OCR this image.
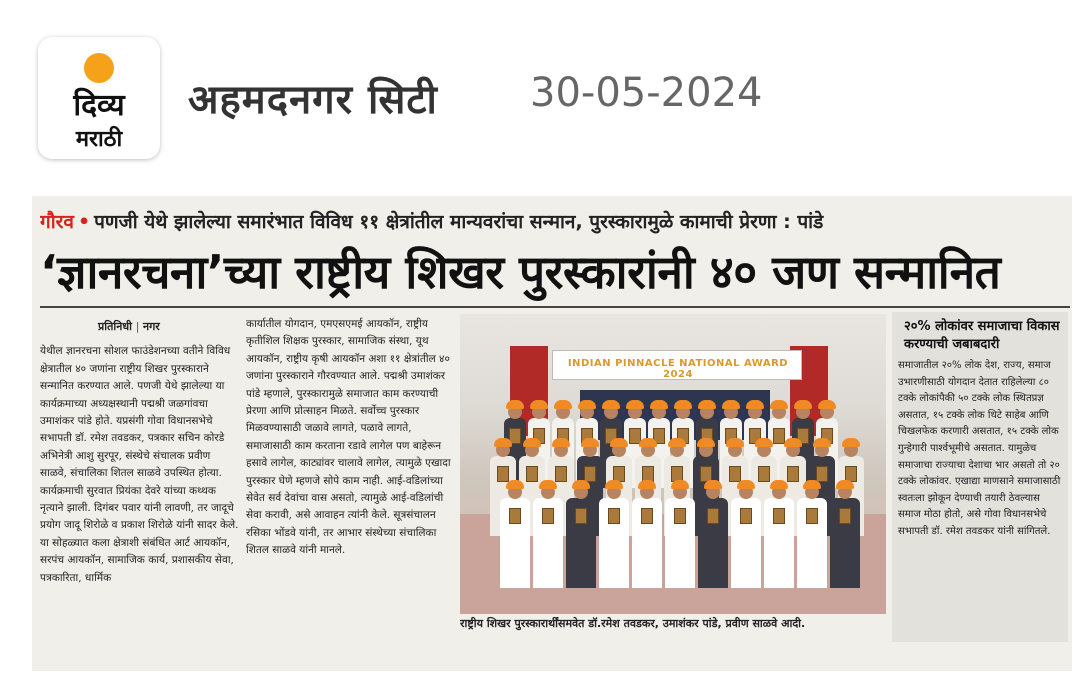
दिव्य
मराठी
अहमदनगर सिटी 30-05-2024
गौरव • पणजी येथे झालेल्या समारंभात विविध ११ क्षेत्रांतील मान्यवरांचा सन्मान, पुरस्कारामुळे कामाची प्रेरणा : पांडे
‘ज्ञानरचना’च्या राष्ट्रीय शिखर पुरस्कारांनी ४० जण सन्मानित
प्रतिनिधी | नगर

येथील ज्ञानरचना सोशल फाउंडेशनच्या वतीने विविध क्षेत्रातील ४० जणांना राष्ट्रीय शिखर पुरस्काराने सन्मानित करण्यात आले. पणजी येथे झालेल्या या कार्यक्रमाच्या अध्यक्षस्थानी पद्मश्री जळगांवचा उमाशंकर पांडे होते. यप्रसंगी गोवा विधानसभेचे सभापती डॉ. रमेश तवडकर, पत्रकार सचिन कोरडे अभिनेत्री आशु सुरपूर, संस्थेचे संचालक प्रवीण साळवे, संचालिका शितल साळवे उपस्थित होत्या. कार्यक्रमाची सुरवात प्रियंका देवरे यांच्या कथ्थक नृत्याने झाली. दिगंबर पवार यांनी लावणी, तर जादूचे प्रयोग जादू शिरोळे व प्रकाश शिरोळे यांनी सादर केले. या सोहळ्यात कला क्षेत्राशी संबंधित आर्ट आयकॉन, सरपंच आयकॉन, सामाजिक कार्य, प्रशासकीय सेवा, पत्रकारिता, धार्मिक

कार्यातील योगदान, एमएसएमई आयकॉन, राष्ट्रीय कृतीशिल शिक्षक पुरस्कार, सामाजिक संस्था, यूथ आयकॉन, राष्ट्रीय कृषी आयकॉन अशा ११ क्षेत्रांतील ४० जणांना पुरस्काराने गौरवण्यात आले. पद्मश्री उमाशंकर पांडे म्हणाले, पुरस्कारामुळे समाजात काम करण्याची प्रेरणा आणि प्रोत्साहन मिळते. सर्वोच्च पुरस्कार मिळवण्यासाठी जळावे लागते, पळावे लागते, समाजासाठी काम करताना रडावे लागेल पण बाहेरून हसावे लागेल, काट्यांवर चालावे लागेल, त्यामुळे एखादा पुरस्कार घेणे म्हणजे सोपे काम नाही. आई-वडिलांच्या सेवेत सर्व देवांचा वास असतो, त्यामुळे आई-वडिलांची सेवा करावी, असे आवाहन त्यांनी केले. सूत्रसंचालन रसिका भोंडवे यांनी, तर आभार संस्थेच्या संचालिका शितल साळवे यांनी मानले.

INDIAN PINNACLE NATIONAL AWARD 2024
राष्ट्रीय शिखर पुरस्कारार्थींसमवेत डॉ.रमेश तवडकर, उमाशंकर पांडे, प्रवीण साळवे आदी.
२०% लोकांवर समाजाचा विकास करण्याची जबाबदारी
समाजातील २०% लोक देश, राज्य, समाज उभारणीसाठी योगदान देतात राहिलेल्या ८० टक्के लोकांपैकी ५० टक्के लोक स्थितप्रज्ञ असतात, १५ टक्के लोक थिटे साहेब आणि चिखलफेक करणारी असतात, १५ टक्के लोक गुन्हेगारी पार्श्वभूमीचे असतात. यामुळेच समाजाचा राज्याचा देशाचा भार असतो तो २० टक्के लोकांवर. एखाद्या माणसाने समाजासाठी स्वतःला झोकून देण्याची तयारी ठेवल्यास समाज मोठा होतो, असे गोवा विधानसभेचे सभापती डॉ. रमेश तवडकर यांनी सांगितले.
